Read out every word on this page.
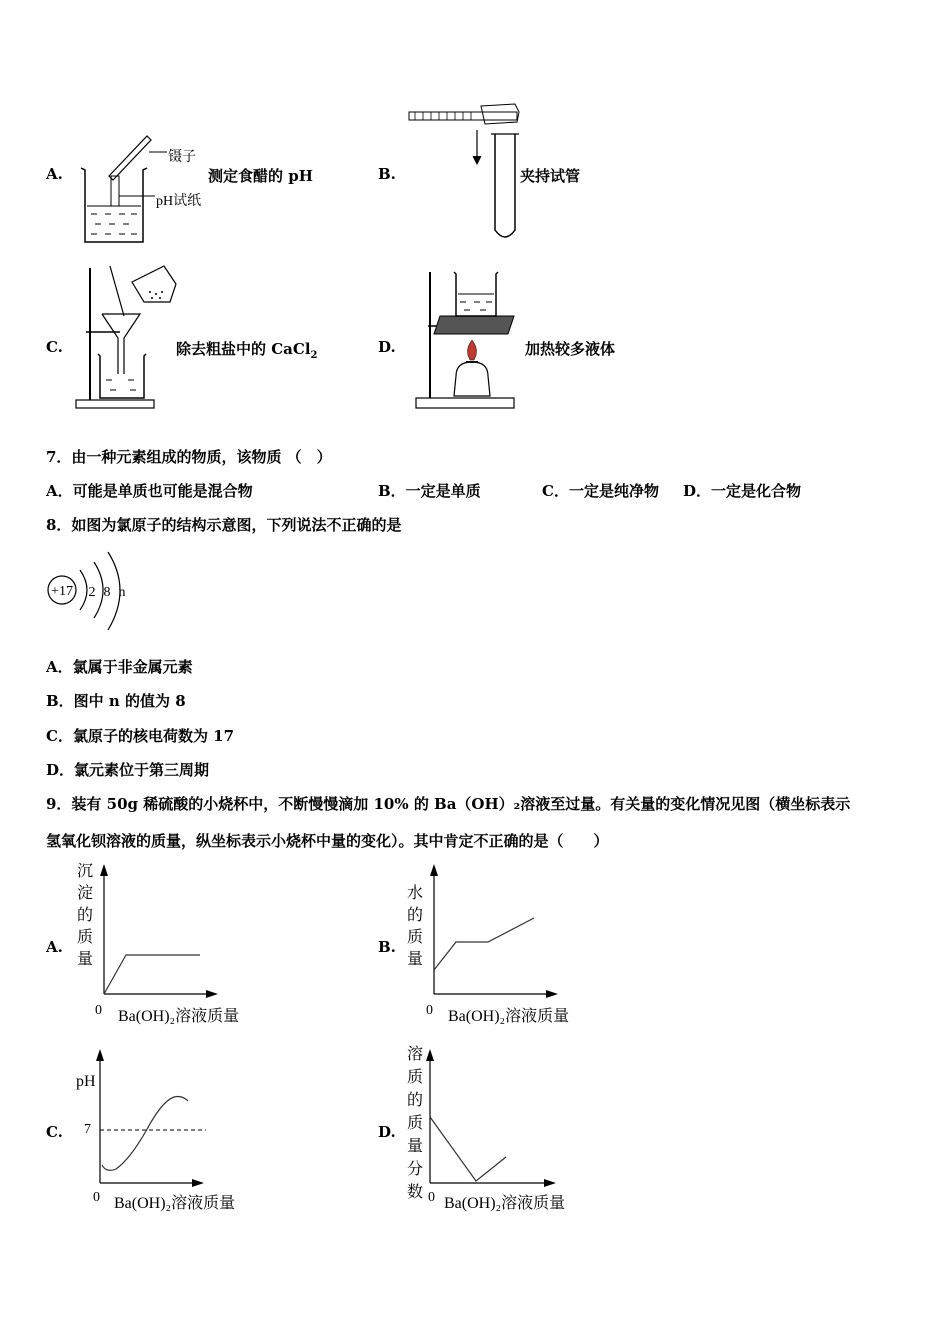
A.
镊子
pH试纸
测定食醋的 pH	B.	夹持试管
C.	除去粗盐中的 CaCl$_2$	D.	加热较多液体
7．由一种元素组成的物质，该物质 （　）
A．可能是单质也可能是混合物	B．一定是单质	C．一定是纯净物 D．一定是化合物
8．如图为氯原子的结构示意图，下列说法不正确的是
+17 2 8 n
A．氯属于非金属元素
B．图中 n 的值为 8
C．氯原子的核电荷数为 17
D．氯元素位于第三周期
9．装有 50g 稀硫酸的小烧杯中，不断慢慢滴加 10% 的 Ba（OH）₂溶液至过量。有关量的变化情况见图（横坐标表示
氢氧化钡溶液的质量，纵坐标表示小烧杯中量的变化）。其中肯定不正确的是（　　）
A.
沉淀的质量
0 Ba(OH)₂溶液质量
B.
水的质量
0 Ba(OH)₂溶液质量
C.
pH
7
0 Ba(OH)₂溶液质量
D.
溶质的质量分数 0 Ba(OH)₂溶液质量
